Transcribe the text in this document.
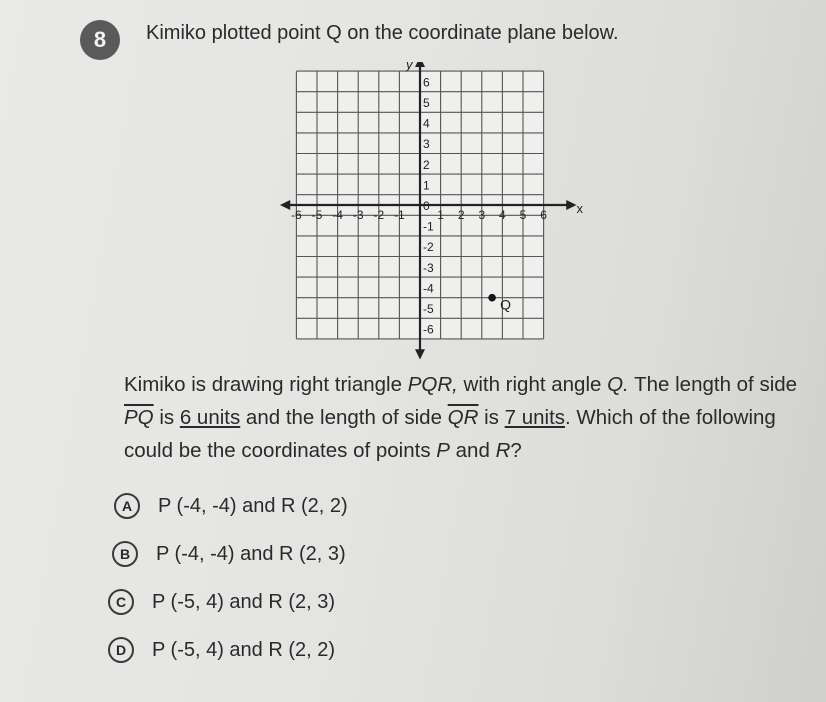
8	Kimiko plotted point Q on the coordinate plane below.
-6 -5 -4 -3 -2 -1	1 2 3 4 5 6
6
5
4
3
2
1
0
-1
-2
-3
-4
-5
-6
Q
x
y
Kimiko is drawing right triangle PQR, with right angle Q. The length of side $\overline{PQ}$ is 6 units and the length of side $\overline{QR}$ is 7 units. Which of the following could be the coordinates of points P and R?
A	P (-4, -4) and R (2, 2)
B	P (-4, -4) and R (2, 3)
C	P (-5, 4) and R (2, 3)
D	P (-5, 4) and R (2, 2)
